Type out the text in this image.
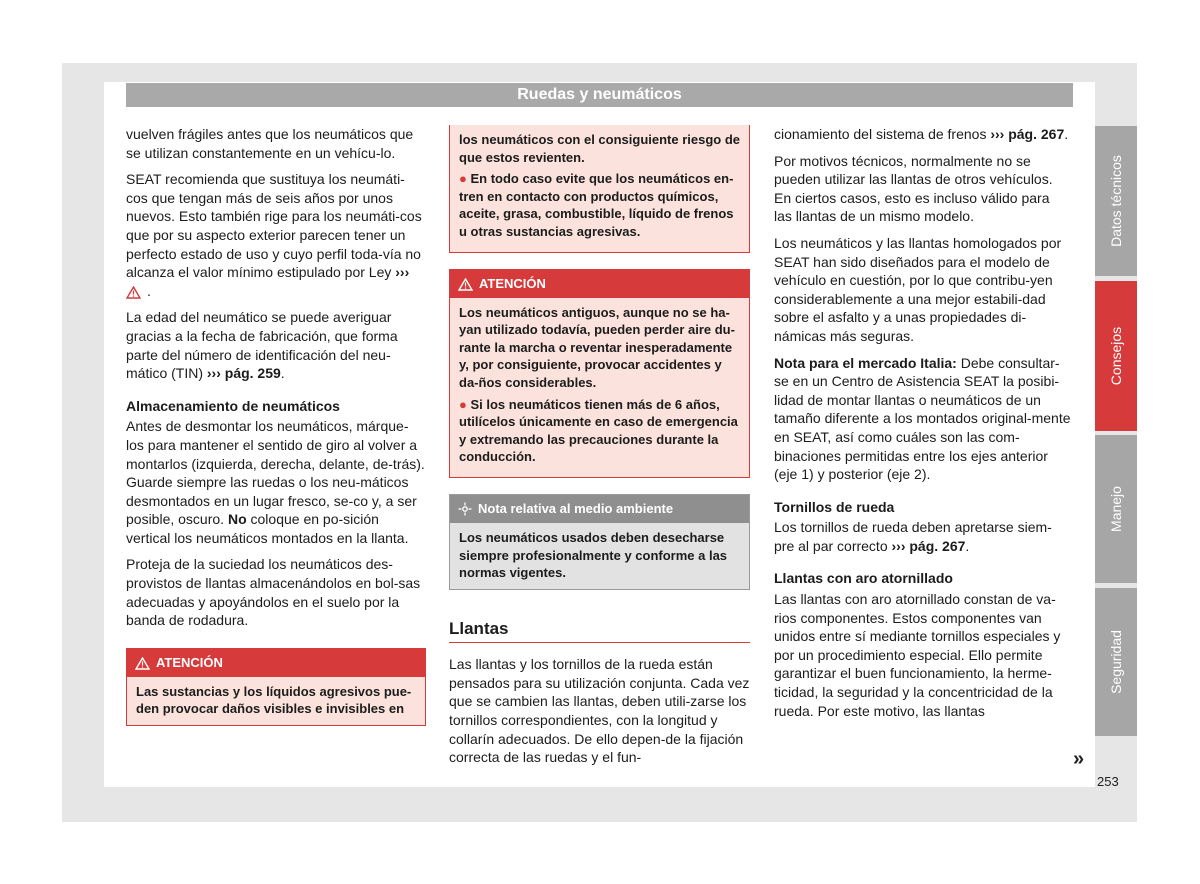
Ruedas y neumáticos

vuelven frágiles antes que los neumáticos que se utilizan constantemente en un vehícu-lo.

SEAT recomienda que sustituya los neumáti-cos que tengan más de seis años por unos nuevos. Esto también rige para los neumáti-cos que por su aspecto exterior parecen tener un perfecto estado de uso y cuyo perfil toda-vía no alcanza el valor mínimo estipulado por Ley ››› .

La edad del neumático se puede averiguar gracias a la fecha de fabricación, que forma parte del número de identificación del neu-mático (TIN) ››› pág. 259.

Almacenamiento de neumáticos

Antes de desmontar los neumáticos, márque-los para mantener el sentido de giro al volver a montarlos (izquierda, derecha, delante, de-trás). Guarde siempre las ruedas o los neu-máticos desmontados en un lugar fresco, se-co y, a ser posible, oscuro. No coloque en po-sición vertical los neumáticos montados en la llanta.

Proteja de la suciedad los neumáticos des-provistos de llantas almacenándolos en bol-sas adecuadas y apoyándolos en el suelo por la banda de rodadura.

ATENCIÓN
Las sustancias y los líquidos agresivos pue-den provocar daños visibles e invisibles en

los neumáticos con el consiguiente riesgo de que estos revienten.

● En todo caso evite que los neumáticos en-tren en contacto con productos químicos, aceite, grasa, combustible, líquido de frenos u otras sustancias agresivas.

ATENCIÓN

Los neumáticos antiguos, aunque no se ha-yan utilizado todavía, pueden perder aire du-rante la marcha o reventar inesperadamente y, por consiguiente, provocar accidentes y da-ños considerables.

● Si los neumáticos tienen más de 6 años, utilícelos únicamente en caso de emergencia y extremando las precauciones durante la conducción.

Nota relativa al medio ambiente
Los neumáticos usados deben desecharse siempre profesionalmente y conforme a las normas vigentes.
Llantas

Las llantas y los tornillos de la rueda están pensados para su utilización conjunta. Cada vez que se cambien las llantas, deben utili-zarse los tornillos correspondientes, con la longitud y collarín adecuados. De ello depen-de la fijación correcta de las ruedas y el fun-

cionamiento del sistema de frenos ››› pág. 267.

Por motivos técnicos, normalmente no se pueden utilizar las llantas de otros vehículos. En ciertos casos, esto es incluso válido para las llantas de un mismo modelo.

Los neumáticos y las llantas homologados por SEAT han sido diseñados para el modelo de vehículo en cuestión, por lo que contribu-yen considerablemente a una mejor estabili-dad sobre el asfalto y a unas propiedades di-námicas más seguras.

Nota para el mercado Italia: Debe consultar-se en un Centro de Asistencia SEAT la posibi-lidad de montar llantas o neumáticos de un tamaño diferente a los montados original-mente en SEAT, así como cuáles son las com-binaciones permitidas entre los ejes anterior (eje 1) y posterior (eje 2).

Tornillos de rueda

Los tornillos de rueda deben apretarse siem-pre al par correcto ››› pág. 267.

Llantas con aro atornillado

Las llantas con aro atornillado constan de va-rios componentes. Estos componentes van unidos entre sí mediante tornillos especiales y por un procedimiento especial. Ello permite garantizar el buen funcionamiento, la herme-ticidad, la seguridad y la concentricidad de la rueda. Por este motivo, las llantas

»
Datos técnicos
Consejos
Manejo
Seguridad
253
